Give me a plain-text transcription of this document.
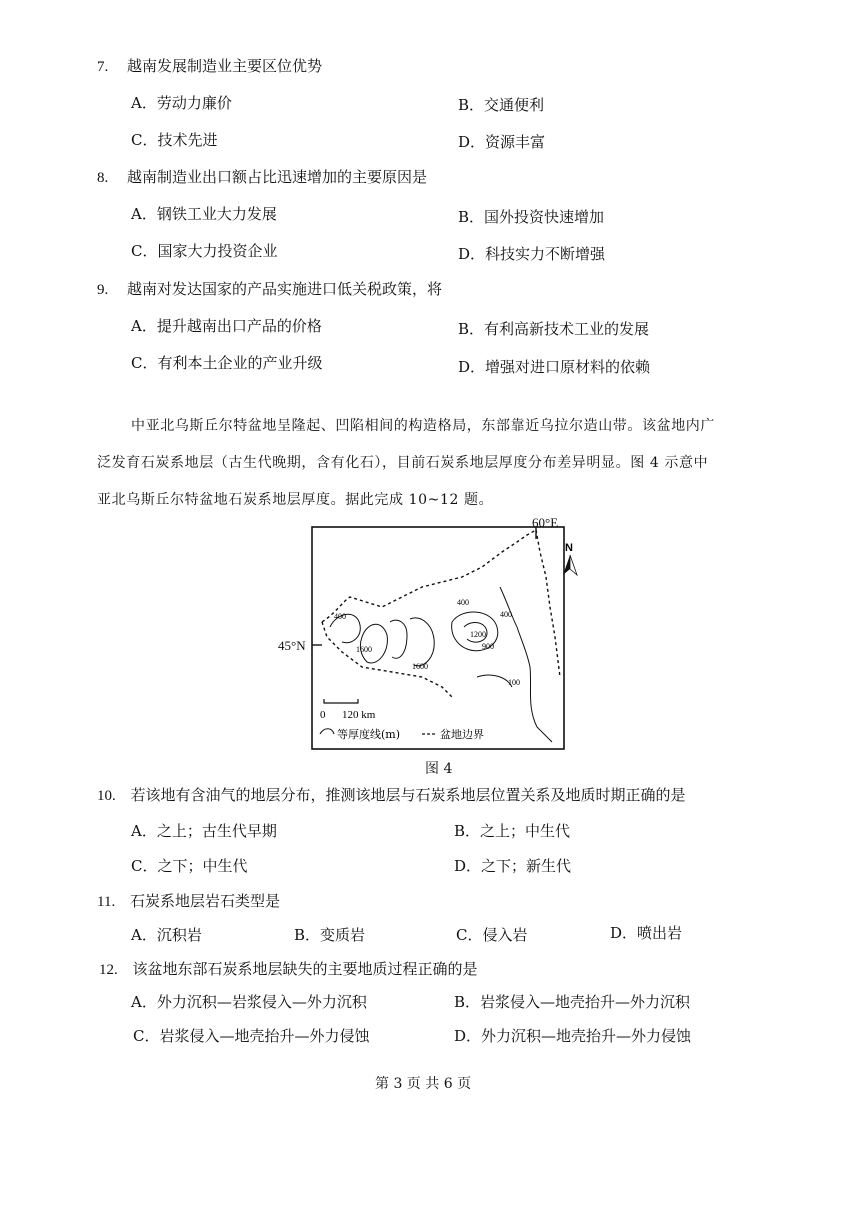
7. 越南发展制造业主要区位优势
A．劳动力廉价	B．交通便利
C．技术先进	D．资源丰富
8. 越南制造业出口额占比迅速增加的主要原因是
A．钢铁工业大力发展	B．国外投资快速增加
C．国家大力投资企业	D．科技实力不断增强
9. 越南对发达国家的产品实施进口低关税政策，将
A．提升越南出口产品的价格	B．有利高新技术工业的发展
C．有利本土企业的产业升级	D．增强对进口原材料的依赖
中亚北乌斯丘尔特盆地呈隆起、凹陷相间的构造格局，东部靠近乌拉尔造山带。该盆地内广
泛发育石炭系地层（古生代晚期，含有化石），目前石炭系地层厚度分布差异明显。图 4 示意中
亚北乌斯丘尔特盆地石炭系地层厚度。据此完成 10~12 题。
400
1600
1600
400
1200
900
400
100
N
0 120 km
等厚度线(m)	盆地边界
60°E
45°N
图 4
10. 若该地有含油气的地层分布，推测该地层与石炭系地层位置关系及地质时期正确的是
A．之上；古生代早期	B．之上；中生代
C．之下；中生代	D．之下；新生代
11. 石炭系地层岩石类型是
A．沉积岩	B．变质岩	C．侵入岩	D．喷出岩
12. 该盆地东部石炭系地层缺失的主要地质过程正确的是
A．外力沉积—岩浆侵入—外力沉积	B．岩浆侵入—地壳抬升—外力沉积
C．岩浆侵入—地壳抬升—外力侵蚀	D．外力沉积—地壳抬升—外力侵蚀
第 3 页 共 6 页
